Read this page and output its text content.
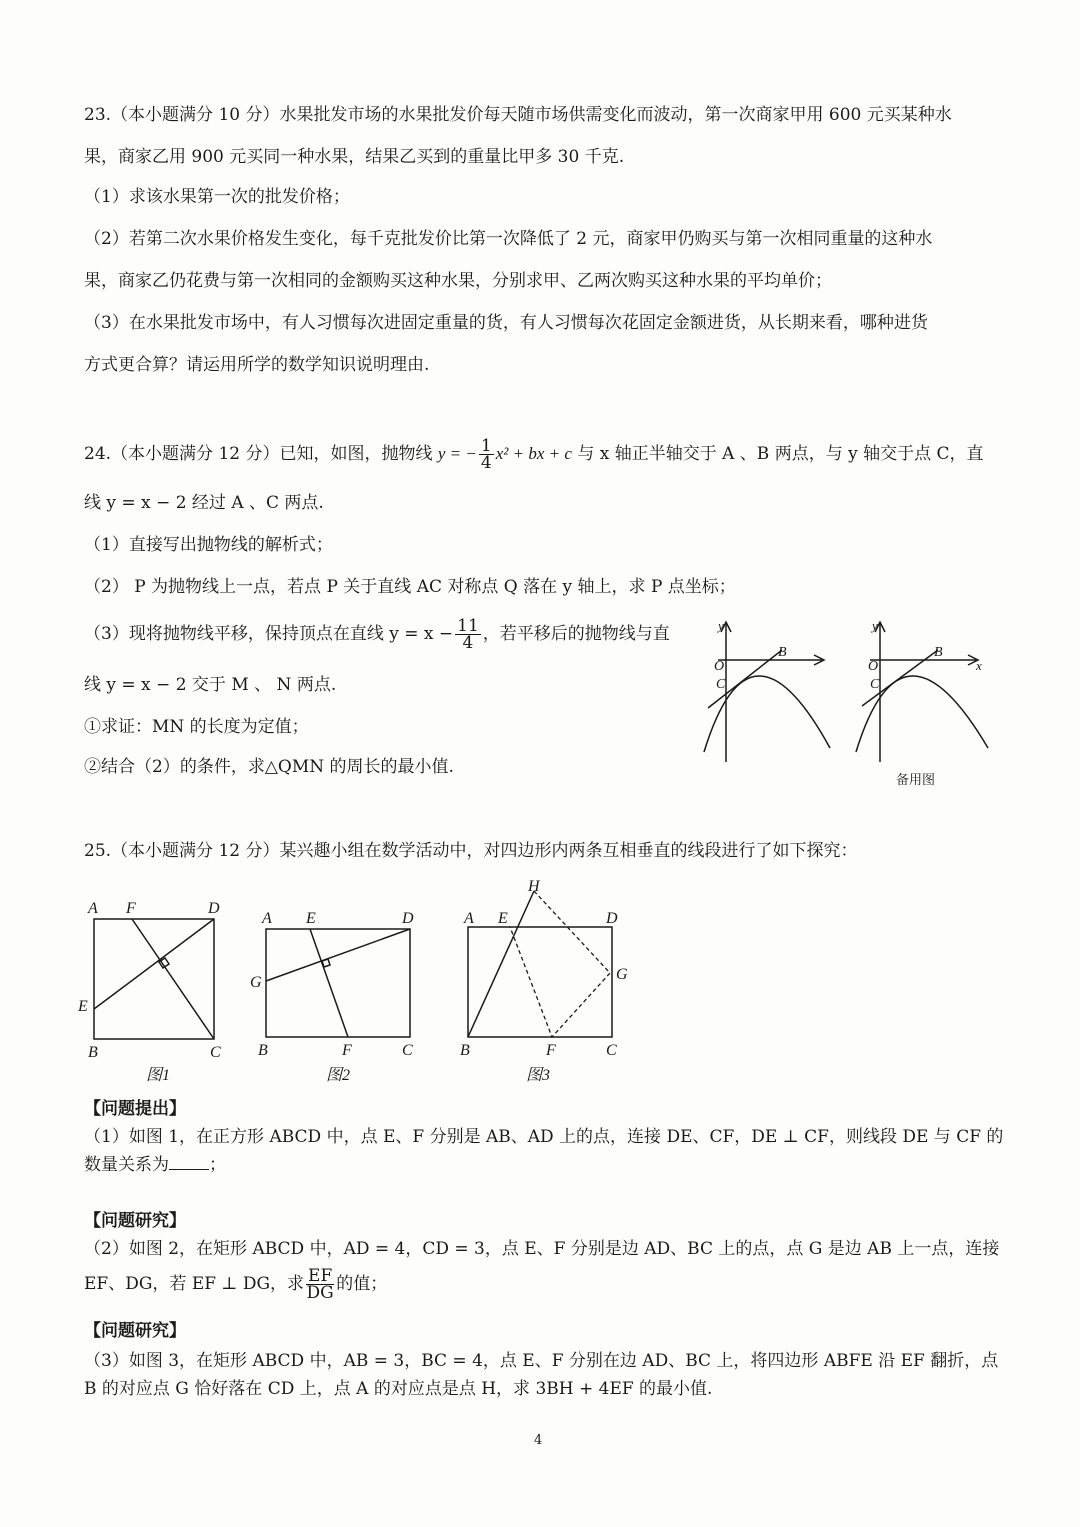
23.（本小题满分 10 分）水果批发市场的水果批发价每天随市场供需变化而波动，第一次商家甲用 600 元买某种水
果，商家乙用 900 元买同一种水果，结果乙买到的重量比甲多 30 千克.
（1）求该水果第一次的批发价格；
（2）若第二次水果价格发生变化，每千克批发价比第一次降低了 2 元，商家甲仍购买与第一次相同重量的这种水
果，商家乙仍花费与第一次相同的金额购买这种水果，分别求甲、乙两次购买这种水果的平均单价；
（3）在水果批发市场中，有人习惯每次进固定重量的货，有人习惯每次花固定金额进货，从长期来看，哪种进货
方式更合算？请运用所学的数学知识说明理由.
24.（本小题满分 12 分）已知，如图，抛物线 y = − $\frac{1}{4} x^2$ + bx + c 与 x 轴正半轴交于 A 、B 两点，与 y 轴交于点 C，直
线 y = x − 2 经过 A 、C 两点.
（1）直接写出抛物线的解析式；
（2） P 为抛物线上一点，若点 P 关于直线 AC 对称点 Q 落在 y 轴上，求 P 点坐标；
（3）现将抛物线平移，保持顶点在直线 $y = x - \frac{11}{4}$ ，若平移后的抛物线与直
线 y = x − 2 交于 M 、 N 两点.
①求证：MN 的长度为定值；
②结合（2）的条件，求△QMN 的周长的最小值.
y
O
C
B
y
O
C
B
x
备用图
25.（本小题满分 12 分）某兴趣小组在数学活动中，对四边形内两条互相垂直的线段进行了如下探究：
A F	D
E
B	C
图1
A E	D
G
B	F	C
图2
H
A E	D
G
B	F	C
图3
【问题提出】
（1）如图 1，在正方形 ABCD 中，点 E、F 分别是 AB、AD 上的点，连接 DE、CF，DE ⊥ CF，则线段 DE 与 CF 的
数量关系为 ；
【问题研究】
（2）如图 2，在矩形 ABCD 中，AD = 4，CD = 3，点 E、F 分别是边 AD、BC 上的点，点 G 是边 AB 上一点，连接
EF、DG，若 EF ⊥ DG，求 $\frac{EF}{DG}$ 的值；
【问题研究】
（3）如图 3，在矩形 ABCD 中，AB = 3，BC = 4，点 E、F 分别在边 AD、BC 上，将四边形 ABFE 沿 EF 翻折，点
B 的对应点 G 恰好落在 CD 上，点 A 的对应点是点 H，求 3BH + 4EF 的最小值.
4
